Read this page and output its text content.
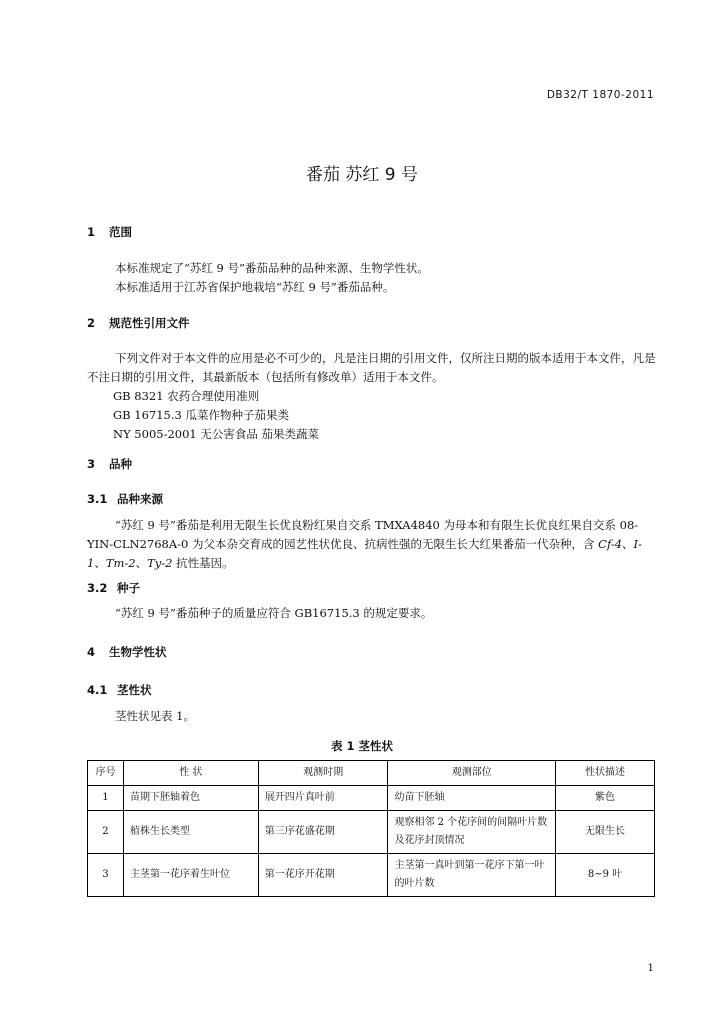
DB32/T 1870-2011
番茄 苏红 9 号
1 范围

本标准规定了“苏红 9 号”番茄品种的品种来源、生物学性状。

本标准适用于江苏省保护地栽培“苏红 9 号”番茄品种。

2 规范性引用文件

下列文件对于本文件的应用是必不可少的，凡是注日期的引用文件，仅所注日期的版本适用于本文件，凡是不注日期的引用文件，其最新版本（包括所有修改单）适用于本文件。

GB 8321 农药合理使用准则

GB 16715.3 瓜菜作物种子茄果类

NY 5005-2001 无公害食品 茄果类蔬菜

3 品种
3.1 品种来源

“苏红 9 号”番茄是利用无限生长优良粉红果自交系 TMXA4840 为母本和有限生长优良红果自交系 08-YIN-CLN2768A-0 为父本杂交育成的园艺性状优良、抗病性强的无限生长大红果番茄一代杂种，含 Cf-4、I-1、Tm-2、Ty-2 抗性基因。

3.2 种子

“苏红 9 号”番茄种子的质量应符合 GB16715.3 的规定要求。

4 生物学性状
4.1 茎性状

茎性状见表 1。

表 1 茎性状
序号	性 状	观测时期	观测部位	性状描述
1	苗期下胚轴着色	展开四片真叶前	幼苗下胚轴	紫色
2	植株生长类型	第三序花盛花期	观察相邻 2 个花序间的间隔叶片数及花序封顶情况	无限生长
3	主茎第一花序着生叶位	第一花序开花期	主茎第一真叶到第一花序下第一叶的叶片数	8~9 叶
1
